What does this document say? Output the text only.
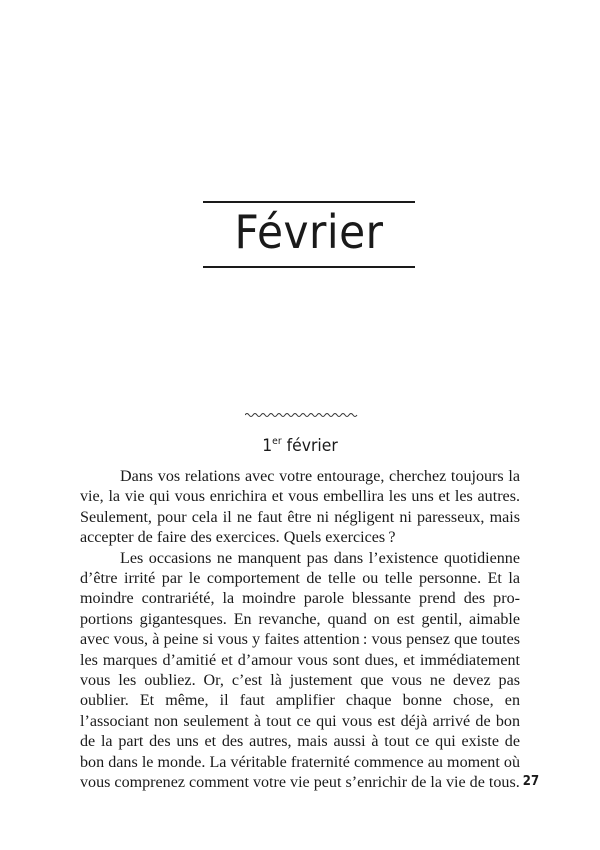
Février
1er février

Dans vos relations avec votre entourage, cherchez toujours la vie, la vie qui vous enrichira et vous embellira les uns et les autres. Seulement, pour cela il ne faut être ni négligent ni paresseux, mais accepter de faire des exercices. Quels exercices ?

Les occasions ne manquent pas dans l’existence quotidienne d’être irrité par le comportement de telle ou telle personne. Et la moindre contrariété, la moindre parole blessante prend des proportions gigantesques. En revanche, quand on est gentil, aimable avec vous, à peine si vous y faites attention : vous pensez que toutes les marques d’amitié et d’amour vous sont dues, et immédiatement vous les oubliez. Or, c’est là justement que vous ne devez pas oublier. Et même, il faut amplifier chaque bonne chose, en l’associant non seulement à tout ce qui vous est déjà arrivé de bon de la part des uns et des autres, mais aussi à tout ce qui existe de bon dans le monde. La véritable fraternité commence au moment où vous comprenez comment votre vie peut s’enrichir de la vie de tous. 27
